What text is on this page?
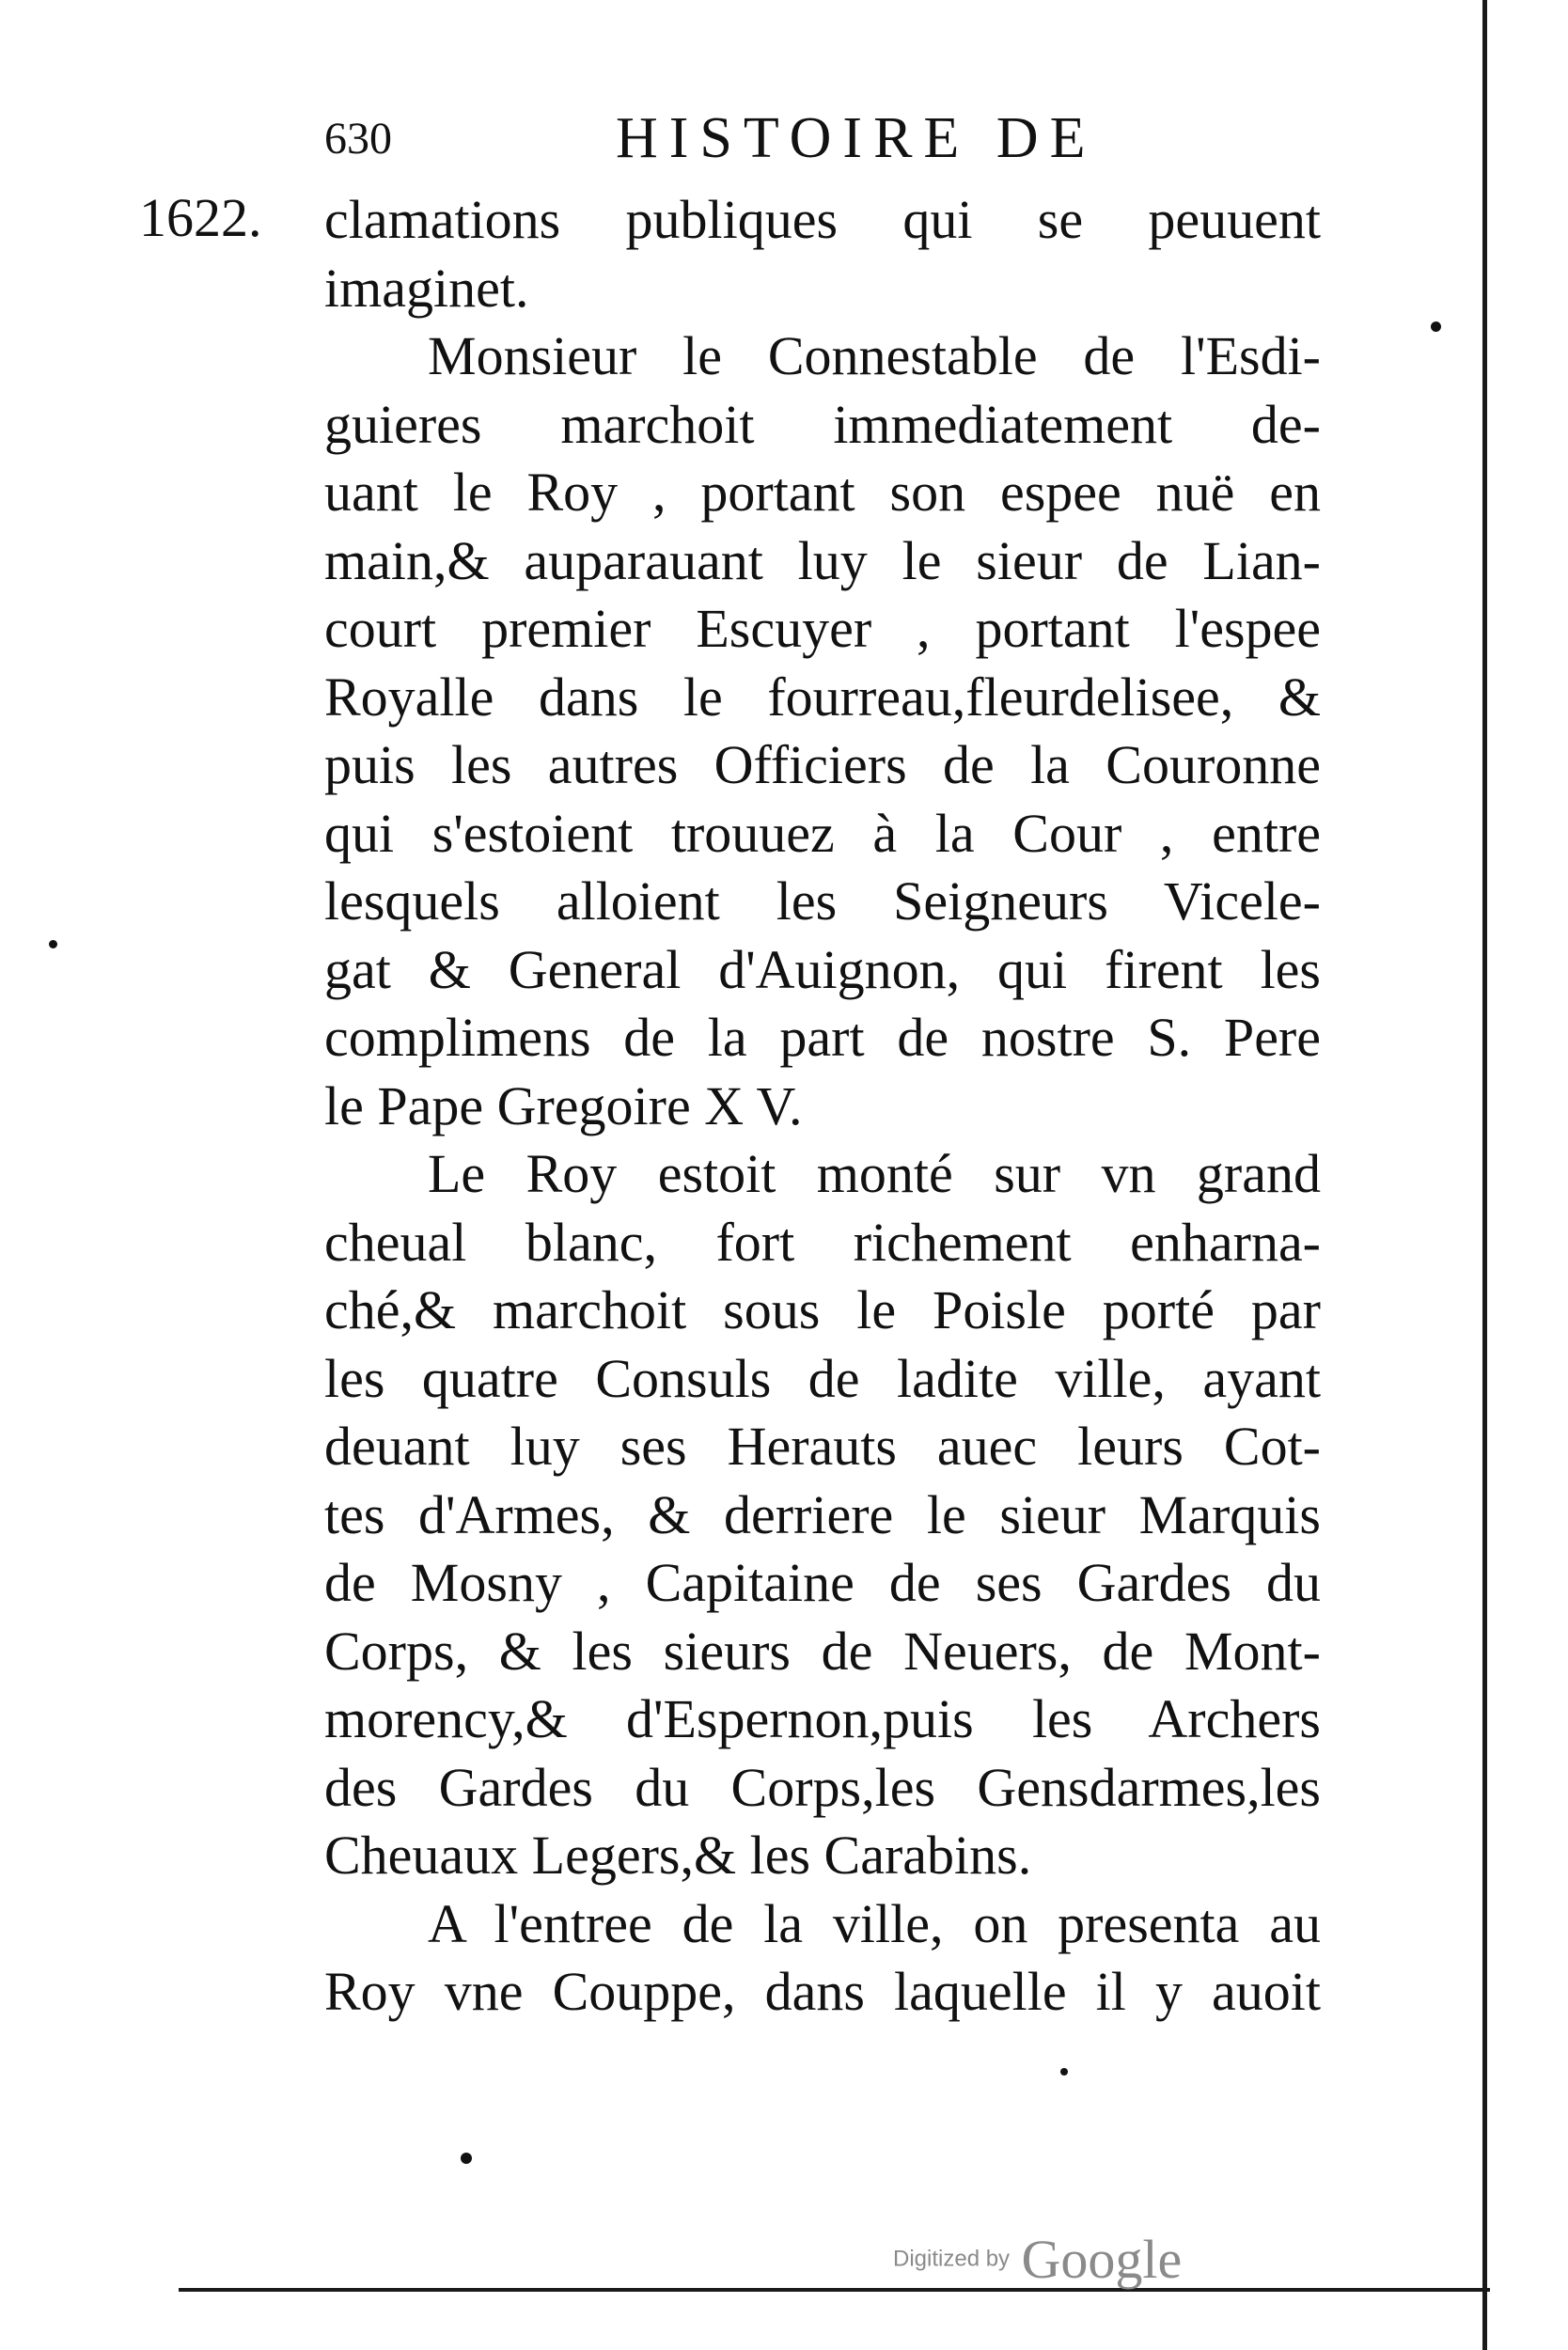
630	HISTOIRE DE
1622. clamations publiques qui se peuuent
imaginet.
Monsieur le Connestable de l'Esdi-
guieres marchoit immediatement de-
uant le Roy , portant son espee nuë en
main,& auparauant luy le sieur de Lian-
court premier Escuyer , portant l'espee
Royalle dans le fourreau,fleurdelisee, &
puis les autres Officiers de la Couronne
qui s'estoient trouuez à la Cour , entre
lesquels alloient les Seigneurs Vicele-
gat & General d'Auignon, qui firent les
complimens de la part de nostre S. Pere
le Pape Gregoire X V.
Le Roy estoit monté sur vn grand
cheual blanc, fort richement enharna-
ché,& marchoit sous le Poisle porté par
les quatre Consuls de ladite ville, ayant
deuant luy ses Herauts auec leurs Cot-
tes d'Armes, & derriere le sieur Marquis
de Mosny , Capitaine de ses Gardes du
Corps, & les sieurs de Neuers, de Mont-
morency,& d'Espernon,puis les Archers
des Gardes du Corps,les Gensdarmes,les
Cheuaux Legers,& les Carabins.
A l'entree de la ville, on presenta au
Roy vne Couppe, dans laquelle il y auoit
Digitized by Google
